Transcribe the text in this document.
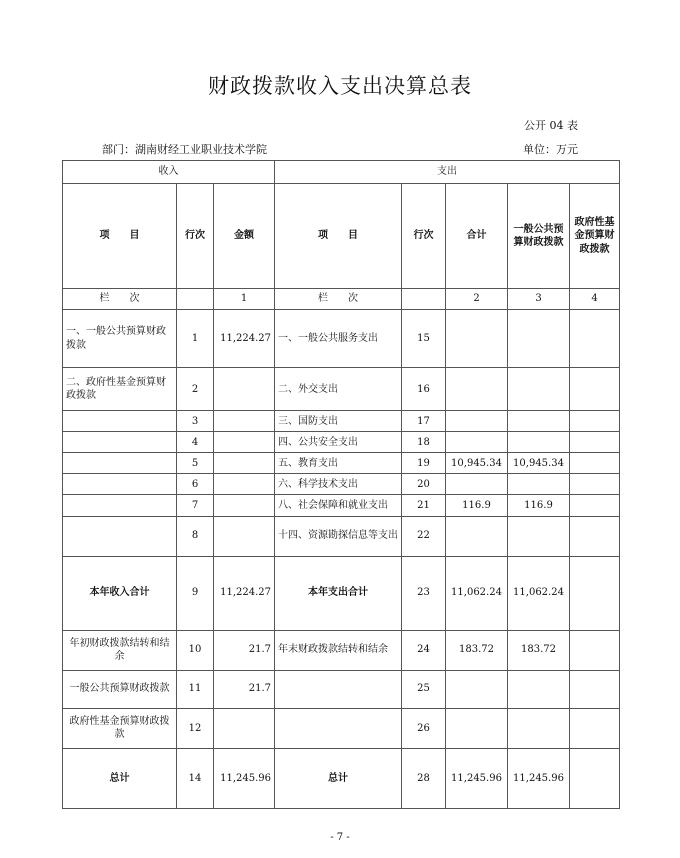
财政拨款收入支出决算总表
公开 04 表
部门：湖南财经工业职业技术学院	单位：万元
收入			支出				
项　　目	行次	金额	项　　目	行次	合计	一般公共预算财政拨款	政府性基金预算财政拨款
栏　　次		1	栏　　次		2	3	4
一、一般公共预算财政拨款	1	11,224.27	一、一般公共服务支出	15			
二、政府性基金预算财政拨款	2		二、外交支出	16			
	3		三、国防支出	17			
	4		四、公共安全支出	18			
	5		五、教育支出	19	10,945.34	10,945.34	
	6		六、科学技术支出	20			
	7		八、社会保障和就业支出	21	116.9	116.9	
	8		十四、资源勘探信息等支出	22			
本年收入合计	9	11,224.27	本年支出合计	23	11,062.24	11,062.24	
年初财政拨款结转和结余	10	21.7	年末财政拨款结转和结余	24	183.72	183.72	
一般公共预算财政拨款	11	21.7		25			
政府性基金预算财政拨款	12			26			
总计	14	11,245.96	总计	28	11,245.96	11,245.96	
- 7 -
